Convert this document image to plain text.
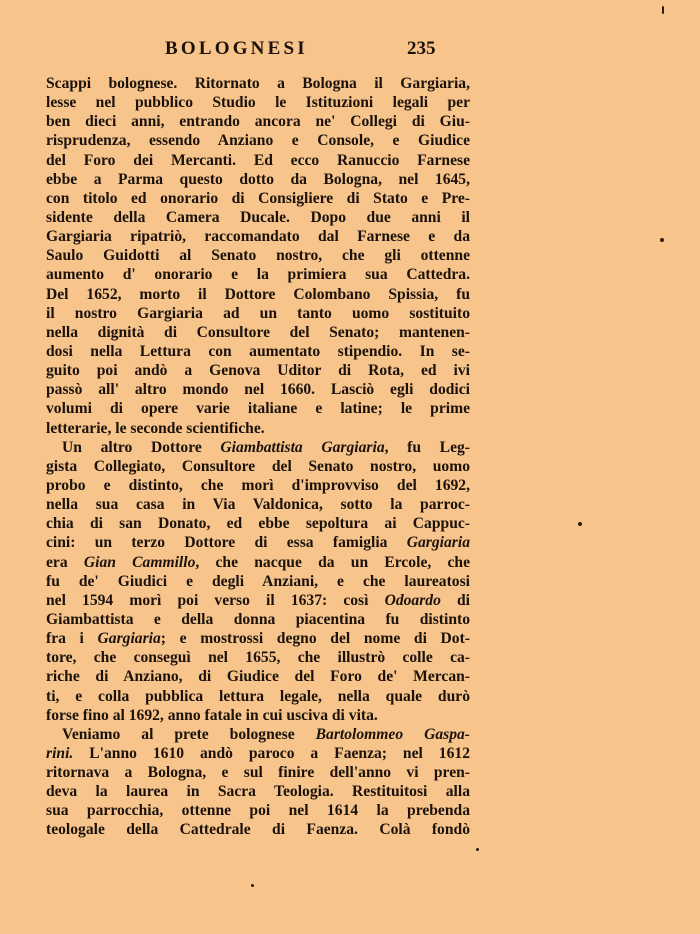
BOLOGNESI	235
Scappi bolognese. Ritornato a Bologna il Gargiaria,
lesse nel pubblico Studio le Istituzioni legali per
ben dieci anni, entrando ancora ne' Collegi di Giu-
risprudenza, essendo Anziano e Console, e Giudice
del Foro dei Mercanti. Ed ecco Ranuccio Farnese
ebbe a Parma questo dotto da Bologna, nel 1645,
con titolo ed onorario di Consigliere di Stato e Pre-
sidente della Camera Ducale. Dopo due anni il
Gargiaria ripatriò, raccomandato dal Farnese e da
Saulo Guidotti al Senato nostro, che gli ottenne
aumento d' onorario e la primiera sua Cattedra.
Del 1652, morto il Dottore Colombano Spissia, fu
il nostro Gargiaria ad un tanto uomo sostituito
nella dignità di Consultore del Senato; mantenen-
dosi nella Lettura con aumentato stipendio. In se-
guito poi andò a Genova Uditor di Rota, ed ivi
passò all' altro mondo nel 1660. Lasciò egli dodici
volumi di opere varie italiane e latine; le prime
letterarie, le seconde scientifiche.
Un altro Dottore Giambattista Gargiaria, fu Leg-
gista Collegiato, Consultore del Senato nostro, uomo
probo e distinto, che morì d'improvviso del 1692,
nella sua casa in Via Valdonica, sotto la parroc-
chia di san Donato, ed ebbe sepoltura ai Cappuc-
cini: un terzo Dottore di essa famiglia Gargiaria
era Gian Cammillo, che nacque da un Ercole, che
fu de' Giudici e degli Anziani, e che laureatosi
nel 1594 morì poi verso il 1637: così Odoardo di
Giambattista e della donna piacentina fu distinto
fra i Gargiaria; e mostrossi degno del nome di Dot-
tore, che conseguì nel 1655, che illustrò colle ca-
riche di Anziano, di Giudice del Foro de' Mercan-
ti, e colla pubblica lettura legale, nella quale durò
forse fino al 1692, anno fatale in cui usciva di vita.
Veniamo al prete bolognese Bartolommeo Gaspa-
rini. L'anno 1610 andò paroco a Faenza; nel 1612
ritornava a Bologna, e sul finire dell'anno vi pren-
deva la laurea in Sacra Teologia. Restituitosi alla
sua parrocchia, ottenne poi nel 1614 la prebenda
teologale della Cattedrale di Faenza. Colà fondò
